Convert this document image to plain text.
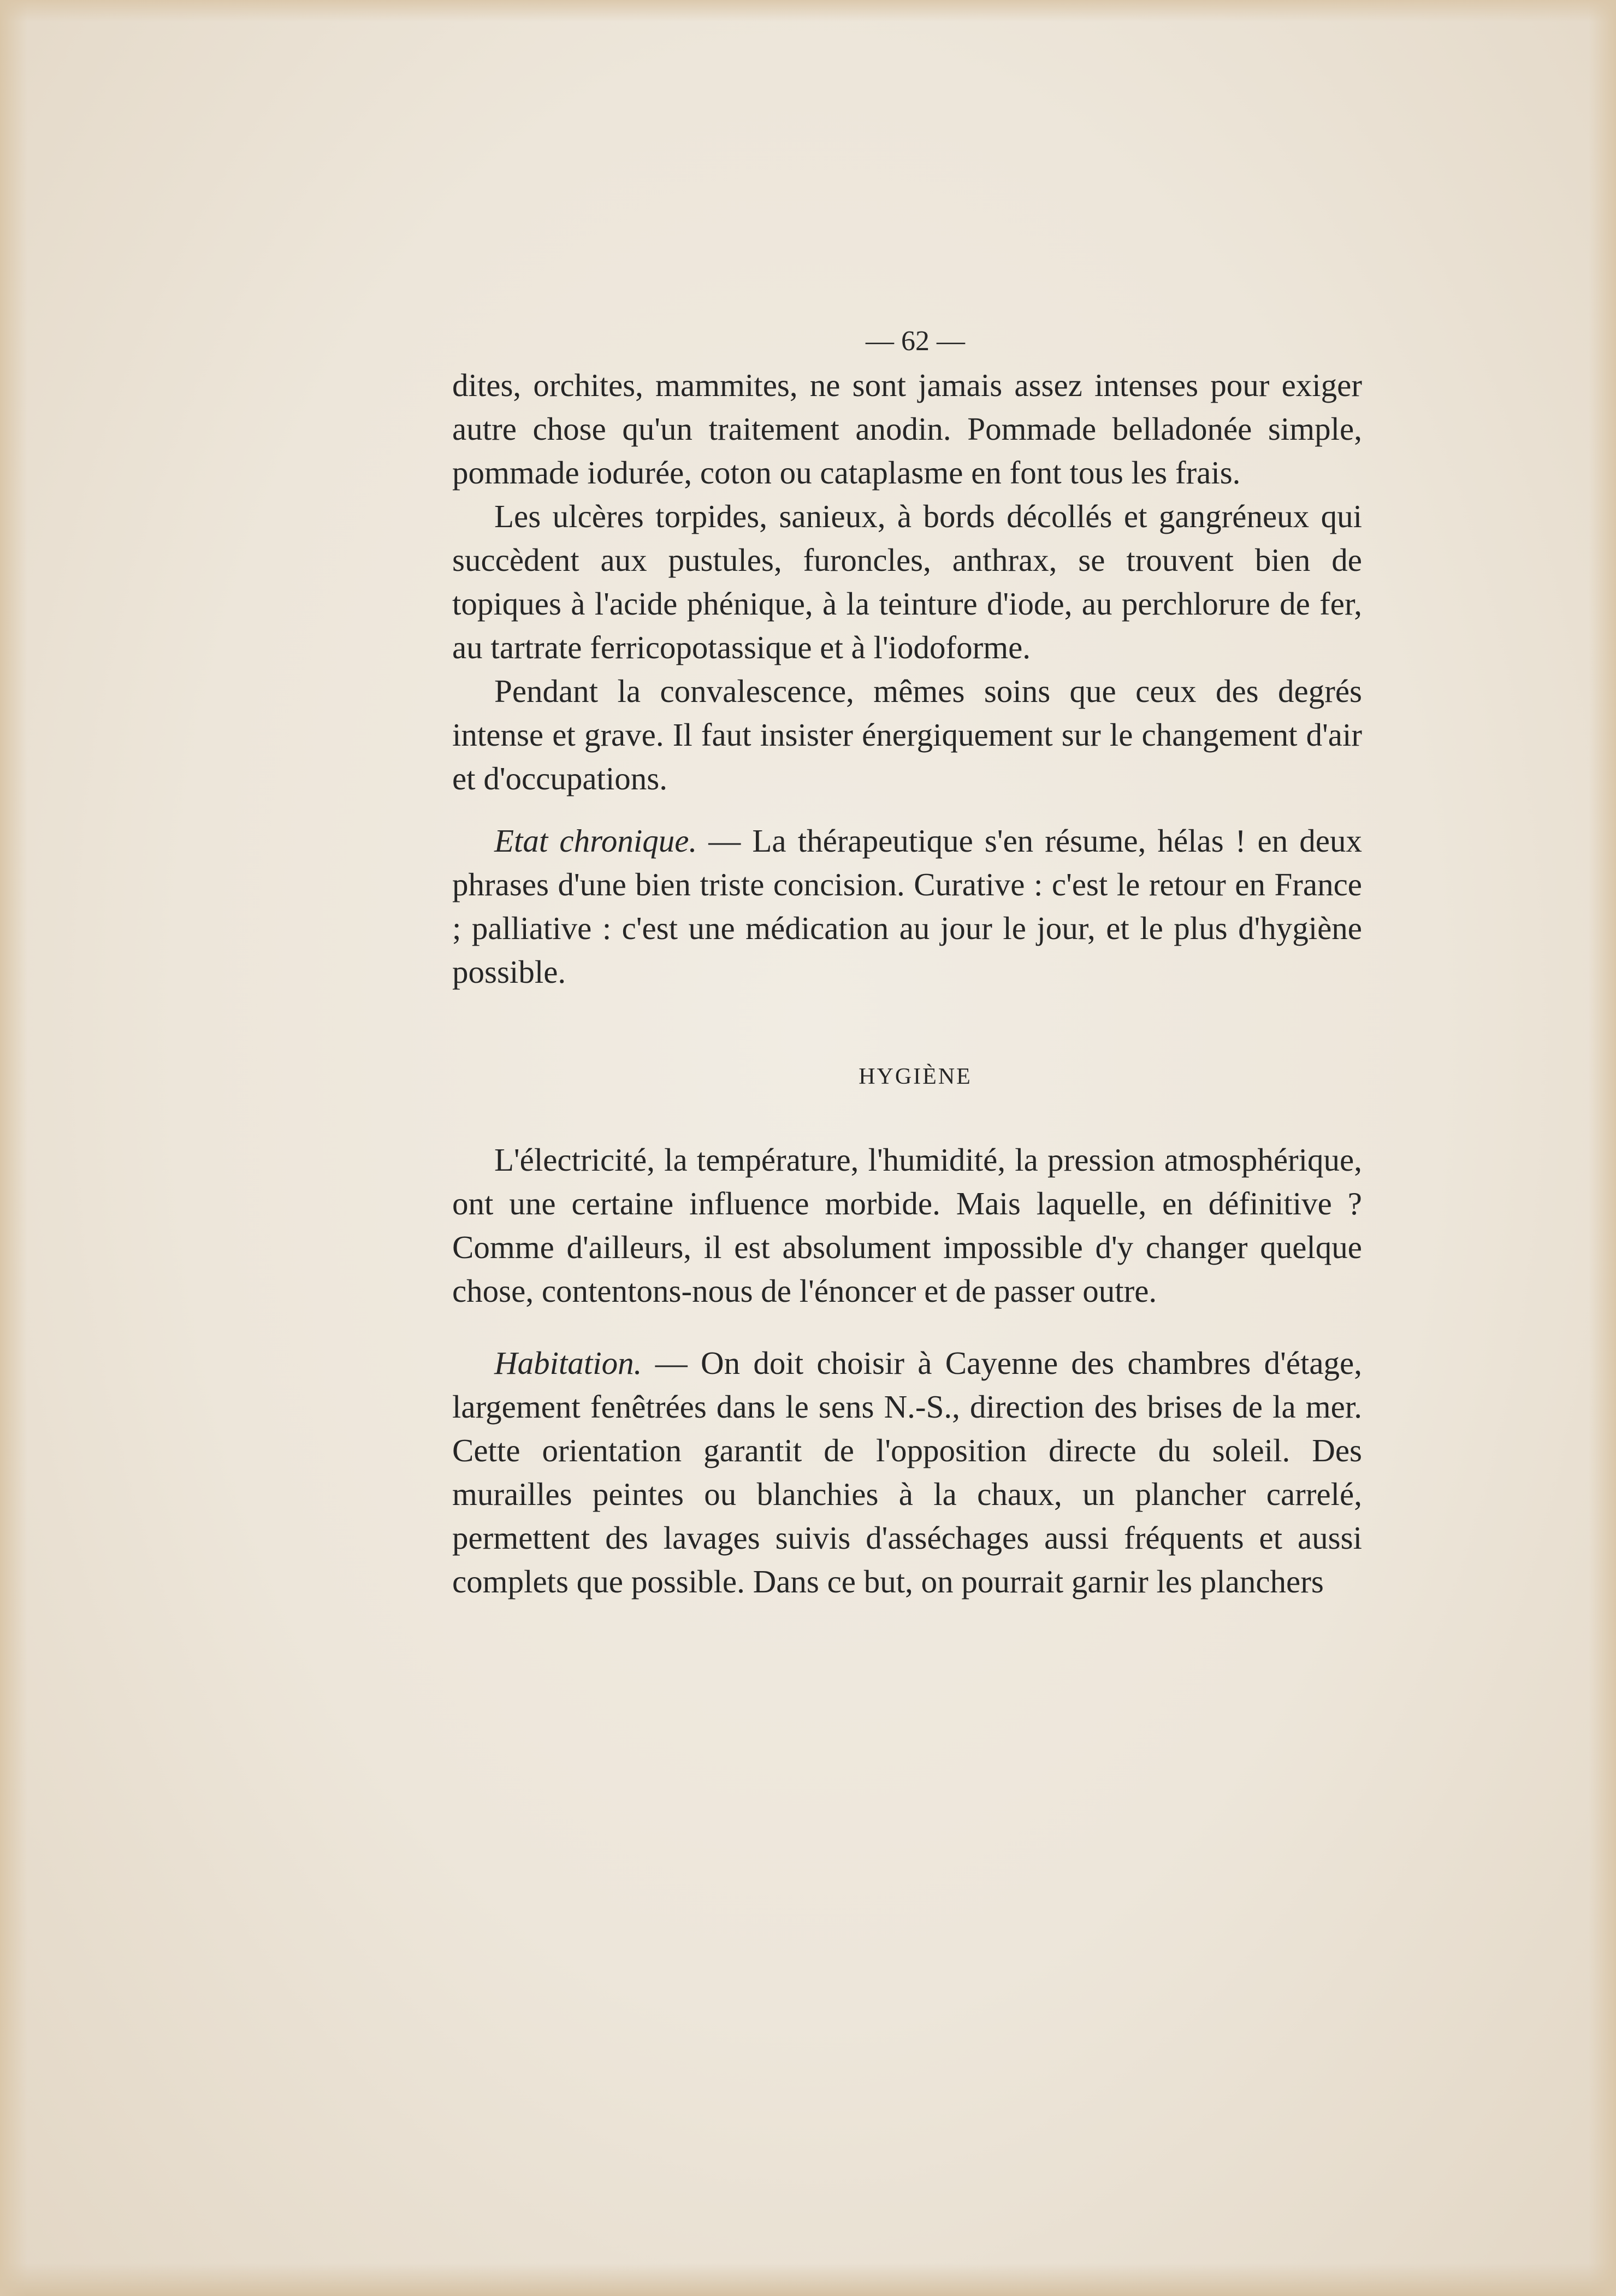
— 62 —

dites, orchites, mammites, ne sont jamais assez intenses pour exiger autre chose qu'un traitement anodin. Pommade belladonée simple, pommade iodurée, coton ou cataplasme en font tous les frais.

Les ulcères torpides, sanieux, à bords décollés et gangréneux qui succèdent aux pustules, furoncles, anthrax, se trouvent bien de topiques à l'acide phénique, à la teinture d'iode, au perchlorure de fer, au tartrate ferricopotassique et à l'iodoforme.

Pendant la convalescence, mêmes soins que ceux des degrés intense et grave. Il faut insister énergiquement sur le changement d'air et d'occupations.

Etat chronique. — La thérapeutique s'en résume, hélas ! en deux phrases d'une bien triste concision. Curative : c'est le retour en France ; palliative : c'est une médication au jour le jour, et le plus d'hygiène possible.

HYGIÈNE

L'électricité, la température, l'humidité, la pression atmosphérique, ont une certaine influence morbide. Mais laquelle, en définitive ? Comme d'ailleurs, il est absolument impossible d'y changer quelque chose, contentons-nous de l'énoncer et de passer outre.

Habitation. — On doit choisir à Cayenne des chambres d'étage, largement fenêtrées dans le sens N.-S., direction des brises de la mer. Cette orientation garantit de l'opposition directe du soleil. Des murailles peintes ou blanchies à la chaux, un plancher carrelé, permettent des lavages suivis d'asséchages aussi fréquents et aussi complets que possible. Dans ce but, on pourrait garnir les planchers
